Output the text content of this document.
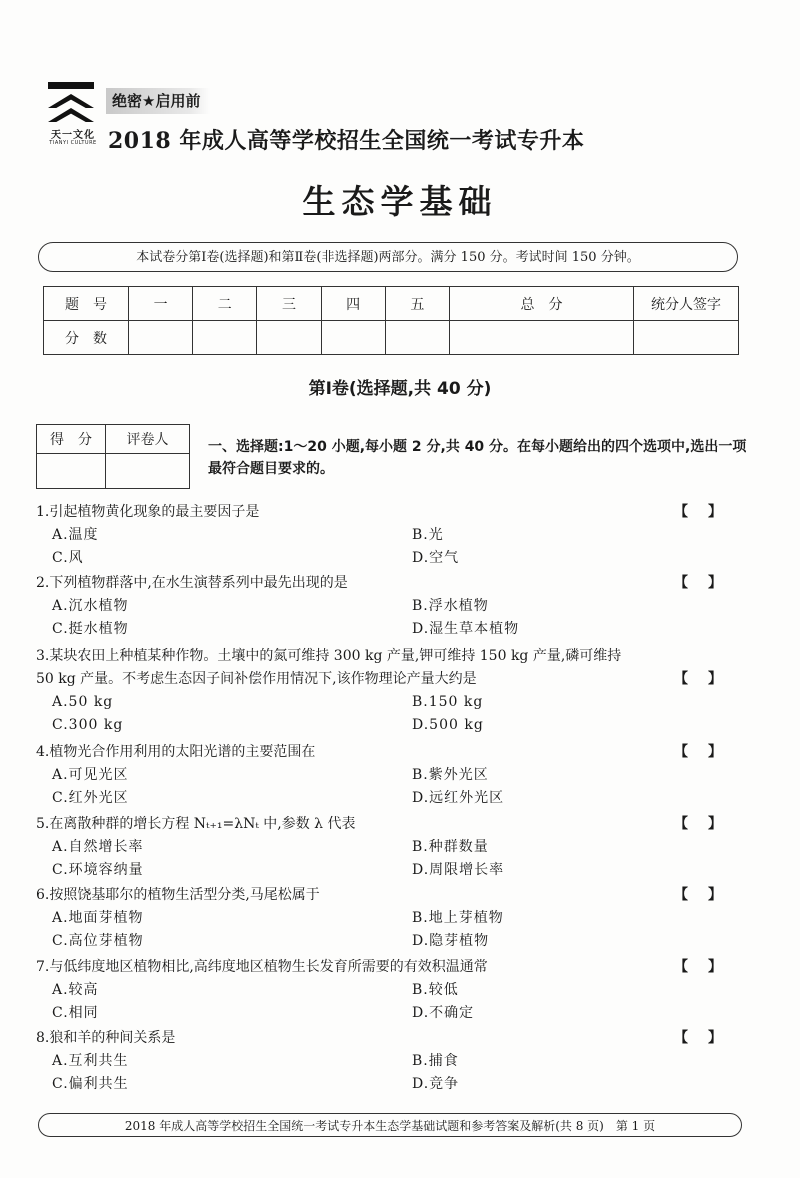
天一文化
TIANYI CULTURE
绝密★启用前
2018 年成人高等学校招生全国统一考试专升本
生态学基础
本试卷分第Ⅰ卷(选择题)和第Ⅱ卷(非选择题)两部分。满分 150 分。考试时间 150 分钟。
题　号	一	二	三	四	五	总　分	统分人签字
分　数							
第Ⅰ卷(选择题,共 40 分)
得　分	评卷人
		一、选择题:1～20 小题,每小题 2 分,共 40 分。在每小题给出的四个选项中,选出一项最符合题目要求的。
【】
1.引起植物黄化现象的最主要因子是
A.温度	B.光
C.风	D.空气
【】
2.下列植物群落中,在水生演替系列中最先出现的是
A.沉水植物	B.浮水植物
C.挺水植物	D.湿生草本植物
【】
3.某块农田上种植某种作物。土壤中的氮可维持 300 kg 产量,钾可维持 150 kg 产量,磷可维持
50 kg 产量。不考虑生态因子间补偿作用情况下,该作物理论产量大约是
A.50 kg	B.150 kg
C.300 kg	D.500 kg
【】
4.植物光合作用利用的太阳光谱的主要范围在
A.可见光区	B.紫外光区
C.红外光区	D.远红外光区
【】
5.在离散种群的增长方程 Nₜ₊₁=λNₜ 中,参数 λ 代表
A.自然增长率	B.种群数量
C.环境容纳量	D.周限增长率
【】
6.按照饶基耶尔的植物生活型分类,马尾松属于
A.地面芽植物	B.地上芽植物
C.高位芽植物	D.隐芽植物
【】
7.与低纬度地区植物相比,高纬度地区植物生长发育所需要的有效积温通常
A.较高	B.较低
C.相同	D.不确定
【】
8.狼和羊的种间关系是
A.互利共生	B.捕食
C.偏利共生	D.竞争
2018 年成人高等学校招生全国统一考试专升本生态学基础试题和参考答案及解析(共 8 页)　第 1 页
